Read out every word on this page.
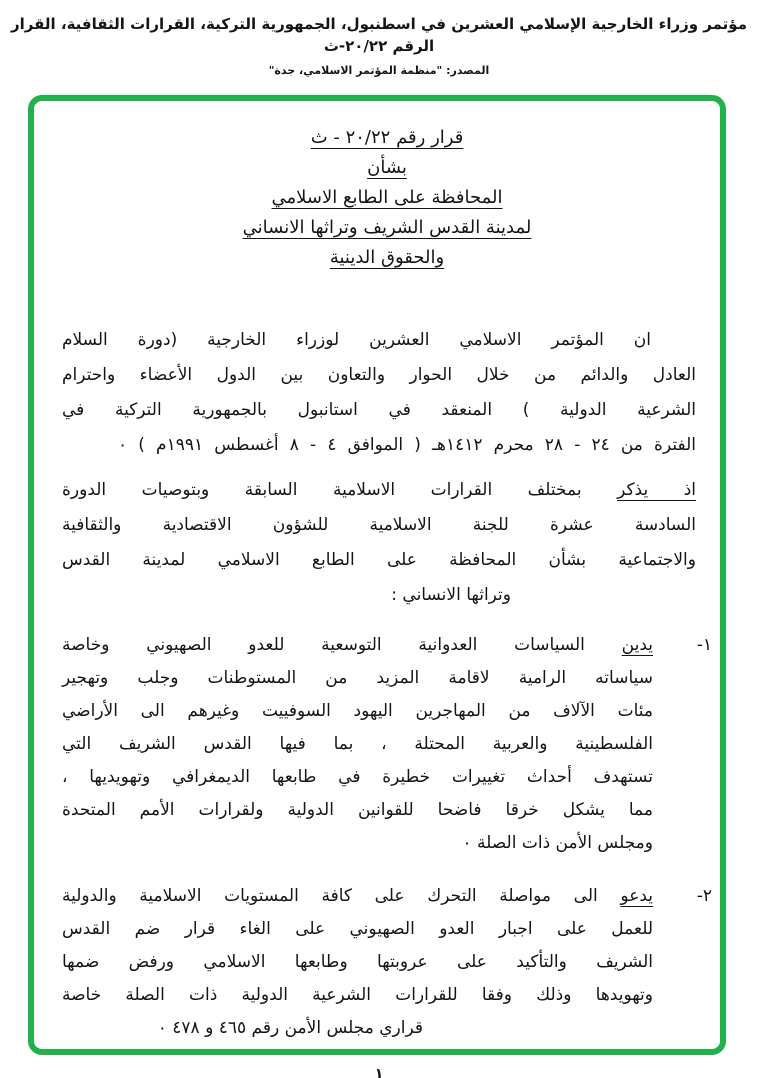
مؤتمر وزراء الخارجية الإسلامي العشرين في اسطنبول، الجمهورية التركية، القرارات الثقافية، القرار الرقم ٢٠/٢٢-ث
المصدر: "منظمة المؤتمر الاسلامي، جدة"
قرار رقم ٢٠/٢٢ - ث
بشأن
المحافظة على الطابع الاسلامي
لمدينة القدس الشريف وتراثها الانساني
والحقوق الدينية
ان المؤتمر الاسلامي العشرين لوزراء الخارجية (دورة السلام
العادل والدائم من خلال الحوار والتعاون بين الدول الأعضاء واحترام
الشرعية الدولية ) المنعقد في استانبول بالجمهورية التركية في
الفترة من ٢٤ - ٢٨ محرم ١٤١٢هـ ( الموافق ٤ - ٨ أغسطس ١٩٩١م ) ٠
اذ يذكر بمختلف القرارات الاسلامية السابقة وبتوصيات الدورة
السادسة عشرة للجنة الاسلامية للشؤون الاقتصادية والثقافية
والاجتماعية بشأن المحافظة على الطابع الاسلامي لمدينة القدس
وتراثها الانساني :
١-
يدين السياسات العدوانية التوسعية للعدو الصهيوني وخاصة
سياساته الرامية لاقامة المزيد من المستوطنات وجلب وتهجير
مئات الآلاف من المهاجرين اليهود السوفييت وغيرهم الى الأراضي
الفلسطينية والعربية المحتلة ، بما فيها القدس الشريف التي
تستهدف أحداث تغييرات خطيرة في طابعها الديمغرافي وتهويديها ،
مما يشكل خرقا فاضحا للقوانين الدولية ولقرارات الأمم المتحدة
ومجلس الأمن ذات الصلة ٠
٢-
يدعو الى مواصلة التحرك على كافة المستويات الاسلامية والدولية
للعمل على اجبار العدو الصهيوني على الغاء قرار ضم القدس
الشريف والتأكيد على عروبتها وطابعها الاسلامي ورفض ضمها
وتهويدها وذلك وفقا للقرارات الشرعية الدولية ذات الصلة خاصة
قراري مجلس الأمن رقم ٤٦٥ و ٤٧٨ ٠
١
